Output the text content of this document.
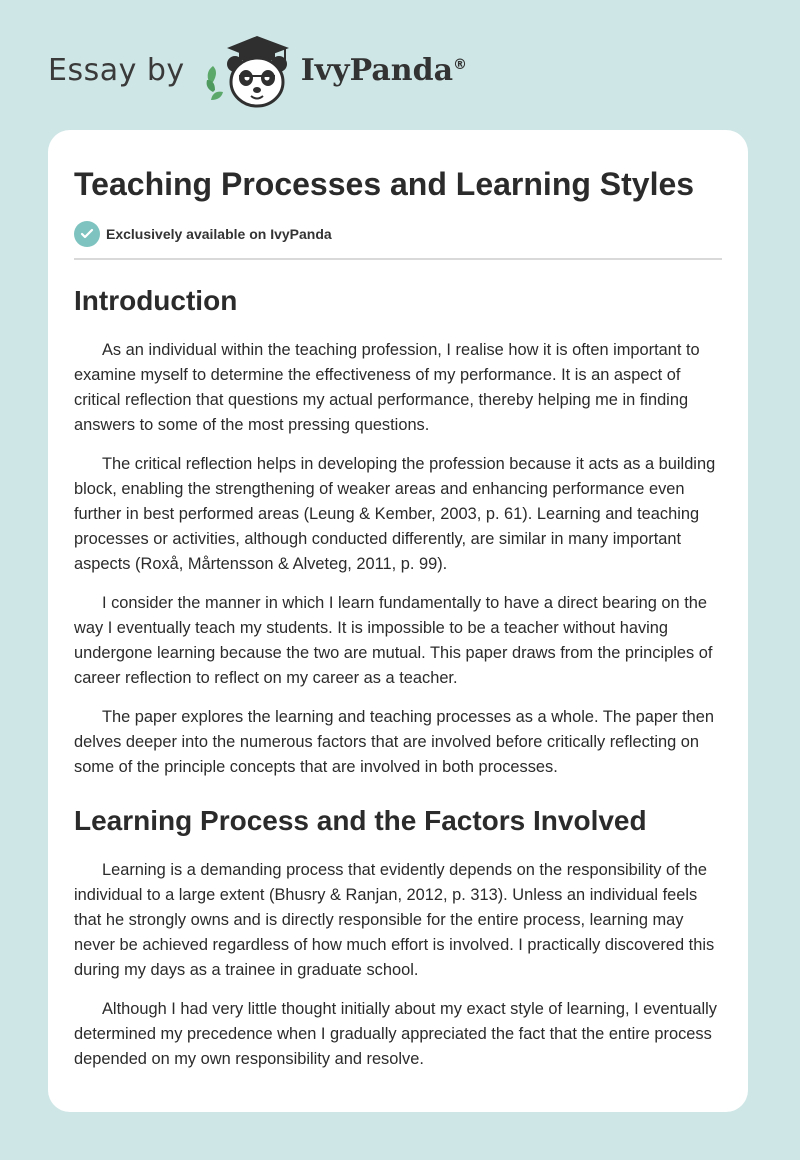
Essay by	IvyPanda®
Teaching Processes and Learning Styles
Exclusively available on IvyPanda
Introduction

As an individual within the teaching profession, I realise how it is often important to examine myself to determine the effectiveness of my performance. It is an aspect of critical reflection that questions my actual performance, thereby helping me in finding answers to some of the most pressing questions.

The critical reflection helps in developing the profession because it acts as a building block, enabling the strengthening of weaker areas and enhancing performance even further in best performed areas (Leung & Kember, 2003, p. 61). Learning and teaching processes or activities, although conducted differently, are similar in many important aspects (Roxå, Mårtensson & Alveteg, 2011, p. 99).

I consider the manner in which I learn fundamentally to have a direct bearing on the way I eventually teach my students. It is impossible to be a teacher without having undergone learning because the two are mutual. This paper draws from the principles of career reflection to reflect on my career as a teacher.

The paper explores the learning and teaching processes as a whole. The paper then delves deeper into the numerous factors that are involved before critically reflecting on some of the principle concepts that are involved in both processes.

Learning Process and the Factors Involved

Learning is a demanding process that evidently depends on the responsibility of the individual to a large extent (Bhusry & Ranjan, 2012, p. 313). Unless an individual feels that he strongly owns and is directly responsible for the entire process, learning may never be achieved regardless of how much effort is involved. I practically discovered this during my days as a trainee in graduate school.

Although I had very little thought initially about my exact style of learning, I eventually determined my precedence when I gradually appreciated the fact that the entire process depended on my own responsibility and resolve.
